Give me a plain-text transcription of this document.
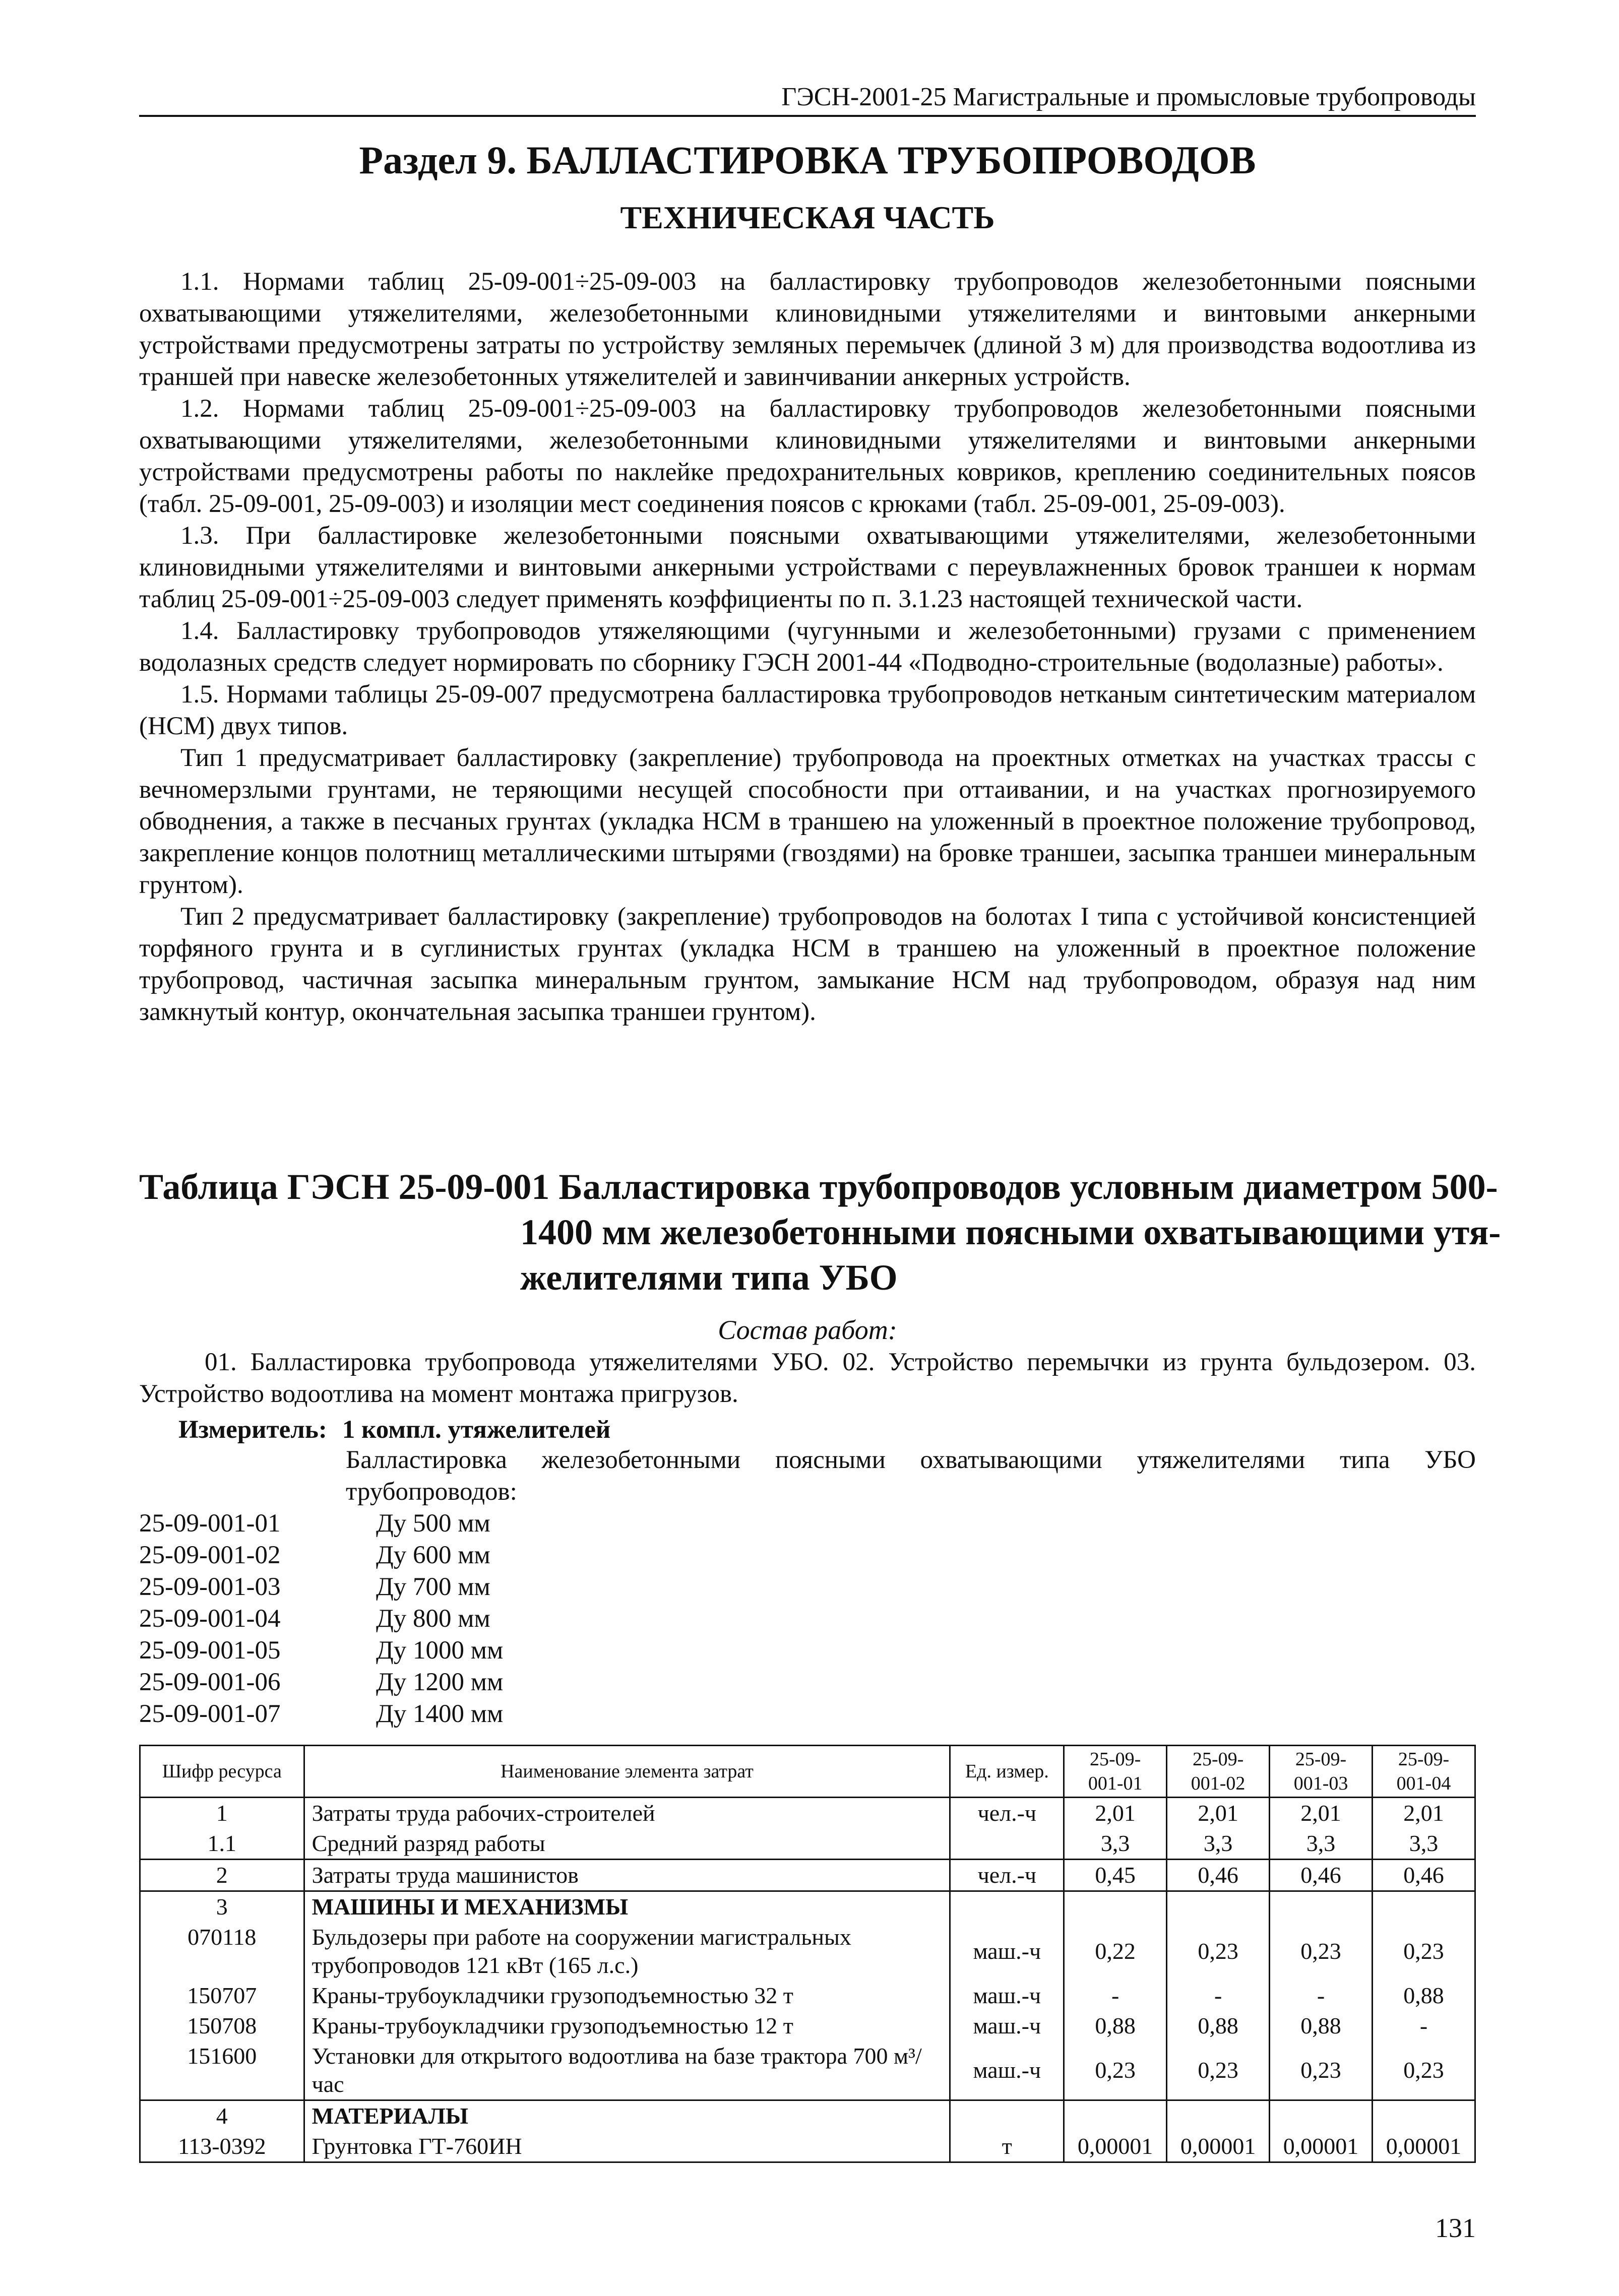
ГЭСН-2001-25 Магистральные и промысловые трубопроводы
Раздел 9. БАЛЛАСТИРОВКА ТРУБОПРОВОДОВ
ТЕХНИЧЕСКАЯ ЧАСТЬ

1.1. Нормами таблиц 25-09-001÷25-09-003 на балластировку трубопроводов железобетонными поясными охватывающими утяжелителями, железобетонными клиновидными утяжелителями и винтовыми анкерными устройствами предусмотрены затраты по устройству земляных перемычек (длиной 3 м) для производства водоотлива из траншей при навеске железобетонных утяжелителей и завинчивании анкерных устройств.

1.2. Нормами таблиц 25-09-001÷25-09-003 на балластировку трубопроводов железобетонными поясными охватывающими утяжелителями, железобетонными клиновидными утяжелителями и винтовыми анкерными устройствами предусмотрены работы по наклейке предохранительных ковриков, креплению соединительных поясов (табл. 25-09-001, 25-09-003) и изоляции мест соединения поясов с крюками (табл. 25-09-001, 25-09-003).

1.3. При балластировке железобетонными поясными охватывающими утяжелителями, железобетонными клиновидными утяжелителями и винтовыми анкерными устройствами с переувлажненных бровок траншеи к нормам таблиц 25-09-001÷25-09-003 следует применять коэффициенты по п. 3.1.23 настоящей технической части.

1.4. Балластировку трубопроводов утяжеляющими (чугунными и железобетонными) грузами с применением водолазных средств следует нормировать по сборнику ГЭСН 2001-44 «Подводно-строительные (водолазные) работы».

1.5. Нормами таблицы 25-09-007 предусмотрена балластировка трубопроводов нетканым синтетическим материалом (НСМ) двух типов.

Тип 1 предусматривает балластировку (закрепление) трубопровода на проектных отметках на участках трассы с вечномерзлыми грунтами, не теряющими несущей способности при оттаивании, и на участках прогнозируемого обводнения, а также в песчаных грунтах (укладка НСМ в траншею на уложенный в проектное положение трубопровод, закрепление концов полотнищ металлическими штырями (гвоздями) на бровке траншеи, засыпка траншеи минеральным грунтом).

Тип 2 предусматривает балластировку (закрепление) трубопроводов на болотах I типа с устойчивой консистенцией торфяного грунта и в суглинистых грунтах (укладка НСМ в траншею на уложенный в проектное положение трубопровод, частичная засыпка минеральным грунтом, замыкание НСМ над трубопроводом, образуя над ним замкнутый контур, окончательная засыпка траншеи грунтом).

Таблица ГЭСН 25-09-001 Балластировка трубопроводов условным диаметром 500-
1400 мм железобетонными поясными охватывающими утя-
желителями типа УБО
Состав работ:

01. Балластировка трубопровода утяжелителями УБО. 02. Устройство перемычки из грунта бульдозером. 03. Устройство водоотлива на момент монтажа пригрузов.

Измеритель: 1 компл. утяжелителей
Балластировка железобетонными поясными охватывающими утяжелителями типа УБО трубопроводов:
25-09-001-01	Ду 500 мм
25-09-001-02	Ду 600 мм
25-09-001-03	Ду 700 мм
25-09-001-04	Ду 800 мм
25-09-001-05	Ду 1000 мм
25-09-001-06	Ду 1200 мм
25-09-001-07	Ду 1400 мм
Шифр ресурса	Наименование элемента затрат	Ед. измер.	25-09-
001-01	25-09-
001-02	25-09-
001-03	25-09-
001-04
1	Затраты труда рабочих-строителей	чел.-ч	2,01	2,01	2,01	2,01
1.1	Средний разряд работы		3,3	3,3	3,3	3,3
2	Затраты труда машинистов	чел.-ч	0,45	0,46	0,46	0,46
3	МАШИНЫ И МЕХАНИЗМЫ					
070118	Бульдозеры при работе на сооружении магистральных трубопроводов 121 кВт (165 л.с.)	маш.-ч	0,22	0,23	0,23	0,23
150707	Краны-трубоукладчики грузоподъемностью 32 т	маш.-ч	-	-	-	0,88
150708	Краны-трубоукладчики грузоподъемностью 12 т	маш.-ч	0,88	0,88	0,88	-
151600	Установки для открытого водоотлива на базе трактора 700 м³/час	маш.-ч	0,23	0,23	0,23	0,23
4	МАТЕРИАЛЫ					
113-0392	Грунтовка ГТ-760ИН	т	0,00001	0,00001	0,00001	0,00001
131
